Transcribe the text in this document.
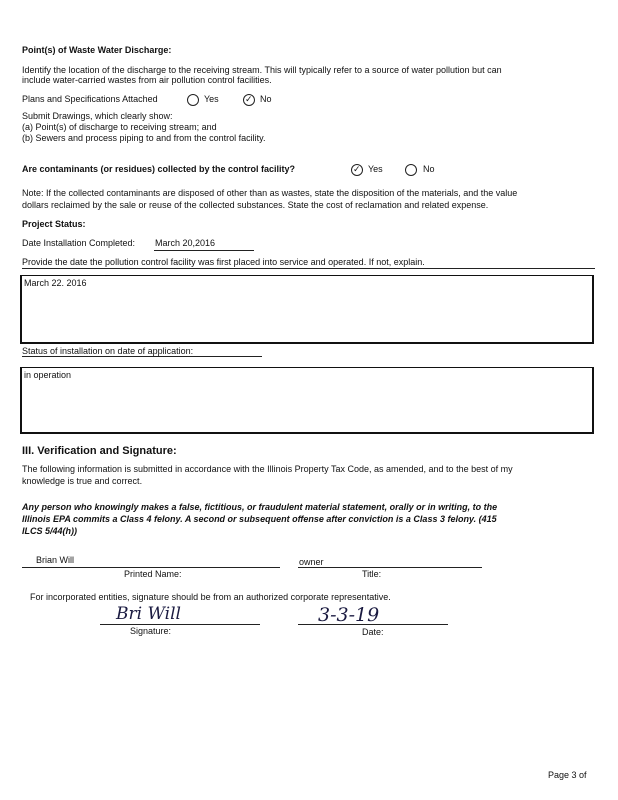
Point(s) of Waste Water Discharge:
Identify the location of the discharge to the receiving stream. This will typically refer to a source of water pollution but can
include water-carried wastes from air pollution control facilities.
Plans and Specifications Attached	Yes ✓	No
Submit Drawings, which clearly show:
(a) Point(s) of discharge to receiving stream; and
(b) Sewers and process piping to and from the control facility.
Are contaminants (or residues) collected by the control facility? ✓	Yes	No
Note: If the collected contaminants are disposed of other than as wastes, state the disposition of the materials, and the value
dollars reclaimed by the sale or reuse of the collected substances. State the cost of reclamation and related expense.
Project Status:
Date Installation Completed: March 20,2016
Provide the date the pollution control facility was first placed into service and operated. If not, explain.
March 22. 2016
Status of installation on date of application:
in operation
III. Verification and Signature:
The following information is submitted in accordance with the Illinois Property Tax Code, as amended, and to the best of my
knowledge is true and correct.
Any person who knowingly makes a false, fictitious, or fraudulent material statement, orally or in writing, to the
Illinois EPA commits a Class 4 felony. A second or subsequent offense after conviction is a Class 3 felony. (415
ILCS 5/44(h))
Brian Will
Printed Name:
owner
Title:
For incorporated entities, signature should be from an authorized corporate representative.
Bri Will
Signature:
3-3-19
Date:
Page 3 of
